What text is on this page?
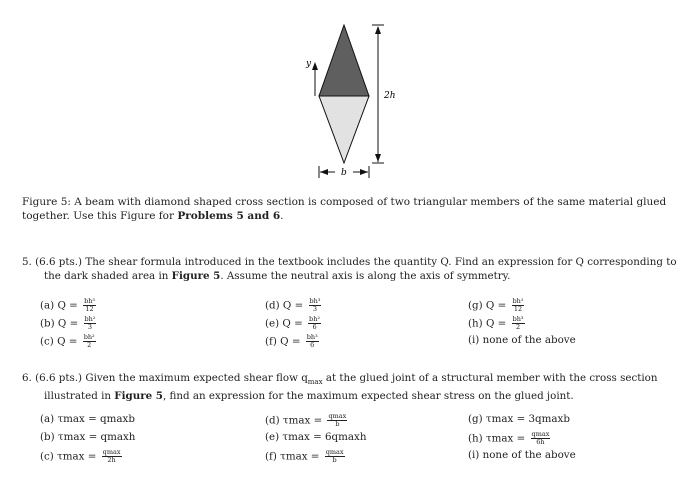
y
2h
b
Figure 5: A beam with diamond shaped cross section is composed of two triangular members of the same material glued together. Use this Figure for Problems 5 and 6.
5. (6.6 pts.) The shear formula introduced in the textbook includes the quantity Q. Find an expression for Q corresponding to the dark shaded area in Figure 5. Assume the neutral axis is along the axis of symmetry.
(a) $Q = \frac{\text{bh³}}{12}$
(b) $Q = \frac{\text{bh²}}{3}$
(c) $Q = \frac{\text{bh²}}{2}$
(d) $Q = \frac{\text{bh³}}{3}$
(e) $Q = \frac{\text{bh²}}{6}$
(f) $Q = \frac{\text{bh³}}{6}$
(g) $Q = \frac{\text{bh²}}{12}$
(h) $Q = \frac{\text{bh³}}{2}$
(i) none of the above
6. (6.6 pts.) Given the maximum expected shear flow $q_{max}$ at the glued joint of a structural member with the cross section illustrated in Figure 5, find an expression for the maximum expected shear stress on the glued joint.
(a) τmax = qmaxb
(b) τmax = qmaxh
(c) $\tau\max = \frac{qmax}{2h}$
(d) $\tau\max = \frac{qmax}{b}$
(e) τmax = 6qmaxh
(f) $\tau\max = \frac{qmax}{b}$
(g) τmax = 3qmaxb
(h) $\tau\max = \frac{qmax}{6h}$
(i) none of the above
